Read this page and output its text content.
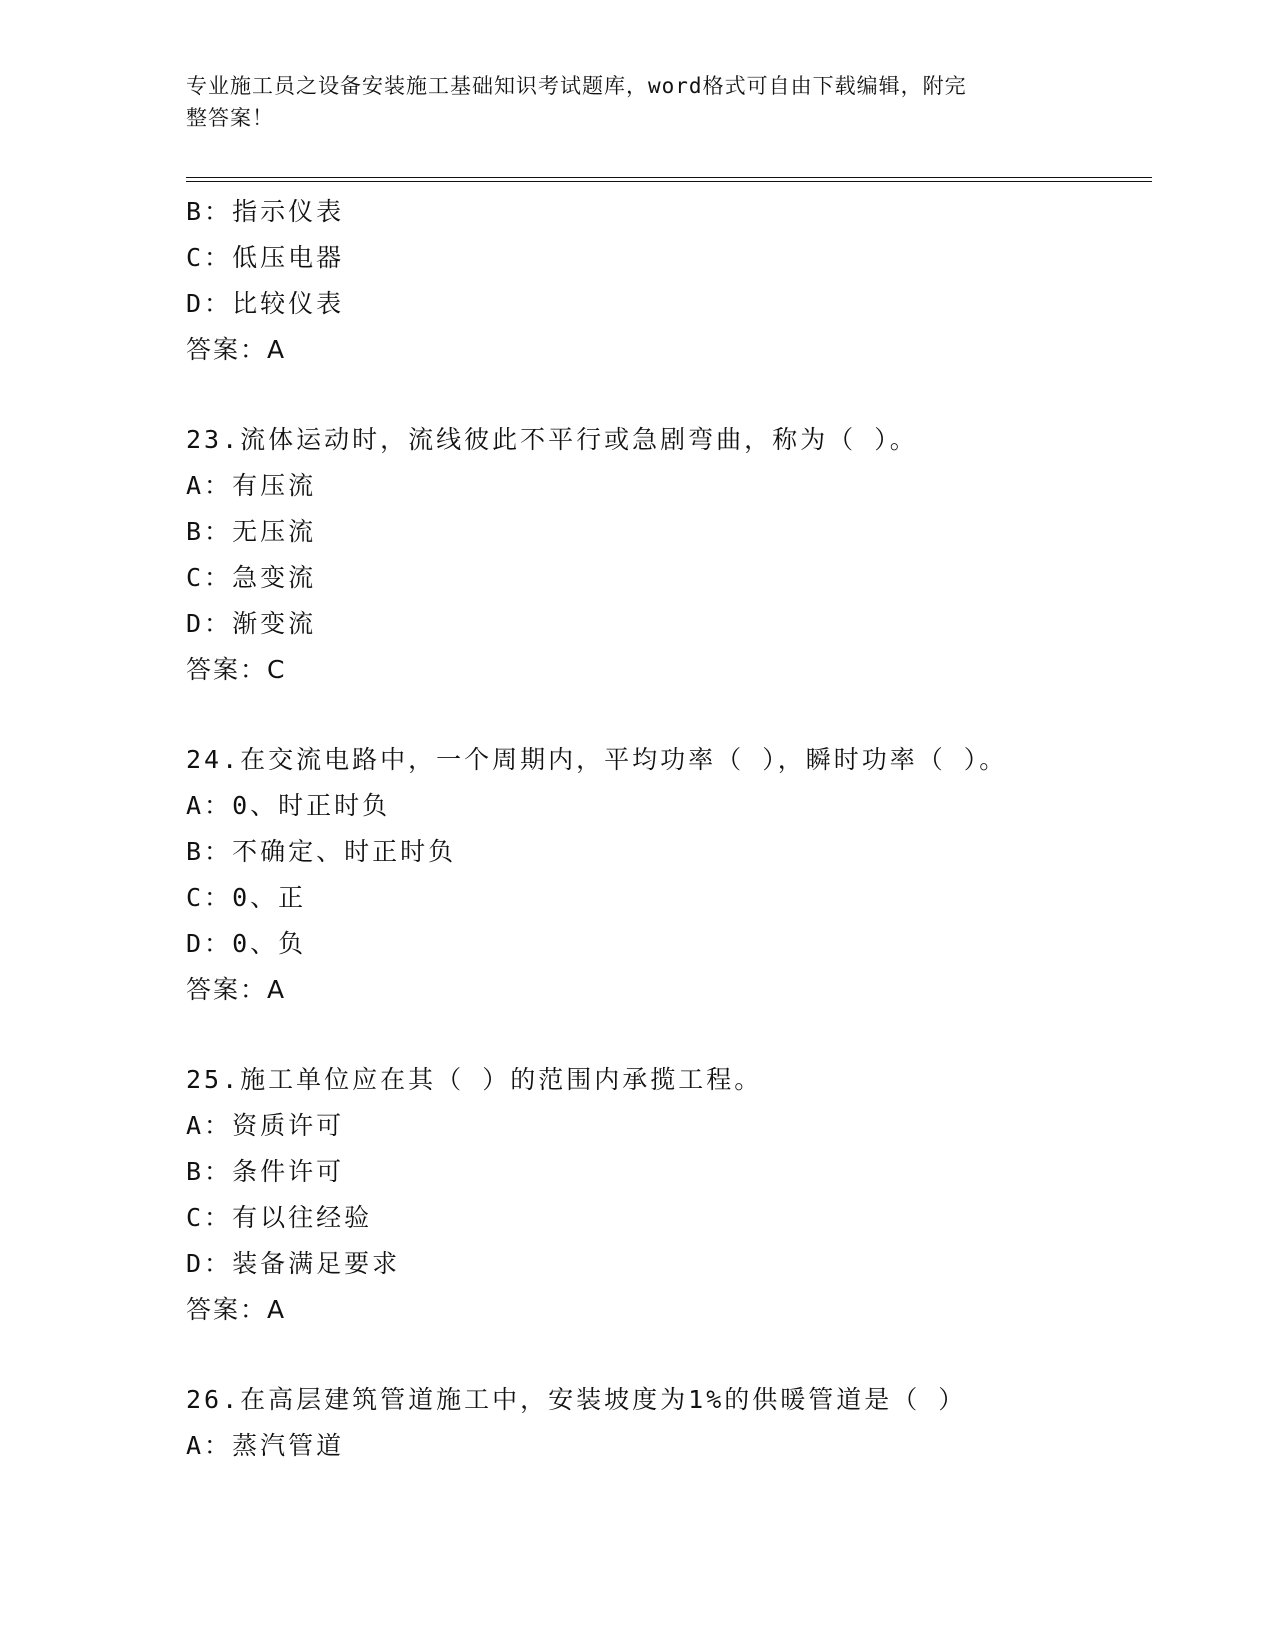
专业施工员之设备安装施工基础知识考试题库，word格式可自由下载编辑，附完
整答案！
B：指示仪表
C：低压电器
D：比较仪表
答案：A
23.流体运动时，流线彼此不平行或急剧弯曲，称为（ ）。
A：有压流
B：无压流
C：急变流
D：渐变流
答案：C
24.在交流电路中，一个周期内，平均功率（ ），瞬时功率（ ）。
A：0、时正时负
B：不确定、时正时负
C：0、正
D：0、负
答案：A
25.施工单位应在其（ ）的范围内承揽工程。
A：资质许可
B：条件许可
C：有以往经验
D：装备满足要求
答案：A
26.在高层建筑管道施工中，安装坡度为1%的供暖管道是（ ）
A：蒸汽管道
